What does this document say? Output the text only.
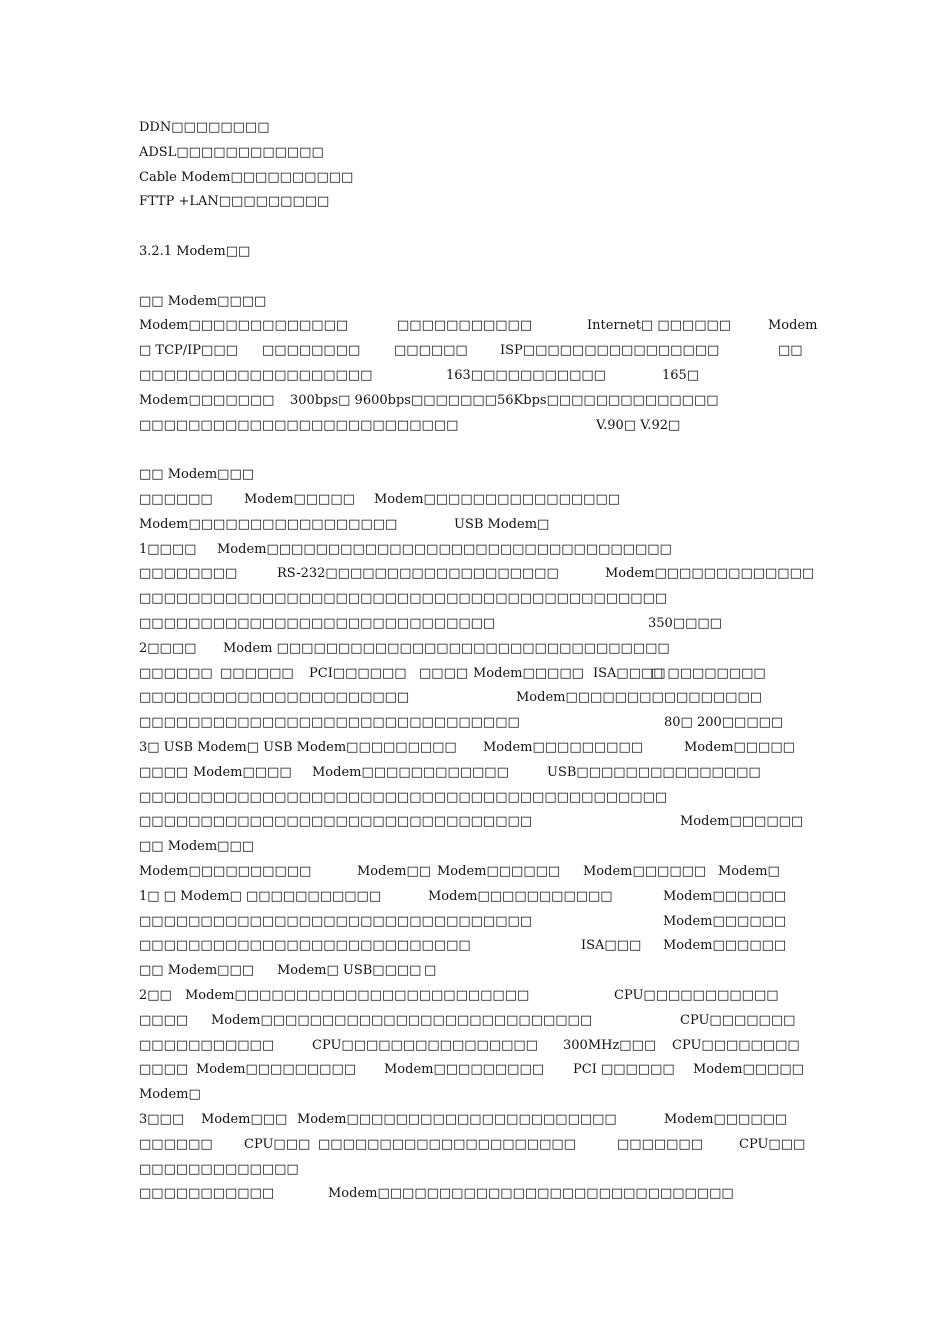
DDN□□□□□□□□
ADSL□□□□□□□□□□□□
Cable Modem□□□□□□□□□□
FTTP +LAN□□□□□□□□□
3.2.1 Modem□□
□□ Modem□□□□
Modem□□□□□□□□□□□□□	□□□□□□□□□□□	Internet□ □□□□□□	Modem
□ TCP/IP□□□ □□□□□□□□	□□□□□□ ISP□□□□□□□□□□□□□□□□	□□
□□□□□□□□□□□□□□□□□□□	163□□□□□□□□□□□	165□
Modem□□□□□□□ 300bps□ 9600bps□□□□□□□ 56Kbps□□□□□□□□□□□□□□
□□□□□□□□□□□□□□□□□□□□□□□□□□	V.90□ V.92□
□□ Modem□□□
□□□□□□ Modem□□□□□ Modem□□□□□□□□□□□□□□□□
Modem□□□□□□□□□□□□□□□□□	USB Modem□
1□□□□ Modem□□□□□□□□□□□□□□□□□□□□□□□□□□□□□□□□□
□□□□□□□□	RS-232□□□□□□□□□□□□□□□□□□□	Modem□□□□□□□□□□□□□
□□□□□□□□□□□□□□□□□□□□□□□□□□□□□□□□□□□□□□□□□□□
□□□□□□□□□□□□□□□□□□□□□□□□□□□□□	350□□□□
2□□□□ Modem □□□□□□□□□□□□□□□□□□□□□□□□□□□□□□□□
□□□□□□ □□□□□□ PCI□□□□□□ □□□□ Modem□□□□□ ISA□□□□
□ □□□□□□□□
□□□□□□□□□□□□□□□□□□□□□□	Modem□□□□□□□□□□□□□□□□
□□□□□□□□□□□□□□□□□□□□□□□□□□□□□□□	80□ 200□□□□□
3□ USB Modem□ USB Modem□□□□□□□□□ Modem□□□□□□□□□	Modem□□□□□
□□□□ Modem□□□□ Modem□□□□□□□□□□□□	USB□□□□□□□□□□□□□□□
□□□□□□□□□□□□□□□□□□□□□□□□□□□□□□□□□□□□□□□□□□□
□□□□□□□□□□□□□□□□□□□□□□□□□□□□□□□□	Modem□□□□□□
□□ Modem□□□
Modem□□□□□□□□□□	Modem□□ Modem□□□□□□ Modem□□□□□□ Modem□
1□ □ Modem□ □□□□□□□□□□□	Modem□□□□□□□□□□□	Modem□□□□□□
□□□□□□□□□□□□□□□□□□□□□□□□□□□□□□□□	Modem□□□□□□
□□□□□□□□□□□□□□□□□□□□□□□□□□□	ISA□□□ Modem□□□□□□
□□ Modem□□□ Modem□ USB□□□□ □
2□□ Modem□□□□□□□□□□□□□□□□□□□□□□□□	CPU□□□□□□□□□□□
□□□□ Modem□□□□□□□□□□□□□□□□□□□□□□□□□□□	CPU□□□□□□□
□□□□□□□□□□□	CPU□□□□□□□□□□□□□□□□ 300MHz□□□ CPU□□□□□□□□
□□□□ Modem□□□□□□□□□ Modem□□□□□□□□□ PCI □□□□□□ Modem□□□□□
Modem□
3□□□ Modem□□□ Modem□□□□□□□□□□□□□□□□□□□□□□	Modem□□□□□□
□□□□□□ CPU□□□ □□□□□□□□□□□□□□□□□□□□□	□□□□□□□	CPU□□□
□□□□□□□□□□□□□
□□□□□□□□□□□	Modem□□□□□□□□□□□□□□□□□□□□□□□□□□□□□
